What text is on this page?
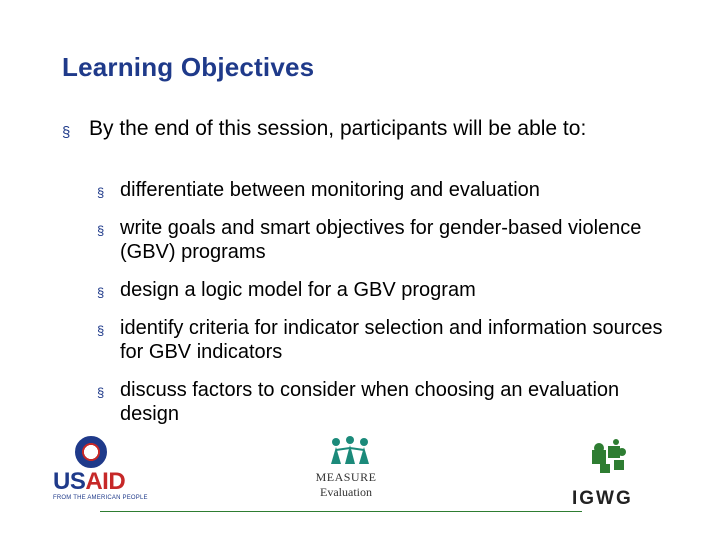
Learning Objectives
§ By the end of this session, participants will be able to:
§ differentiate between monitoring and evaluation
§ write goals and smart objectives for gender-based violence (GBV) programs
§ design a logic model for a GBV program
§ identify criteria for indicator selection and information sources for GBV indicators
§ discuss factors to consider when choosing an evaluation design
USAID
FROM THE AMERICAN PEOPLE
MEASURE
Evaluation	IGWG
